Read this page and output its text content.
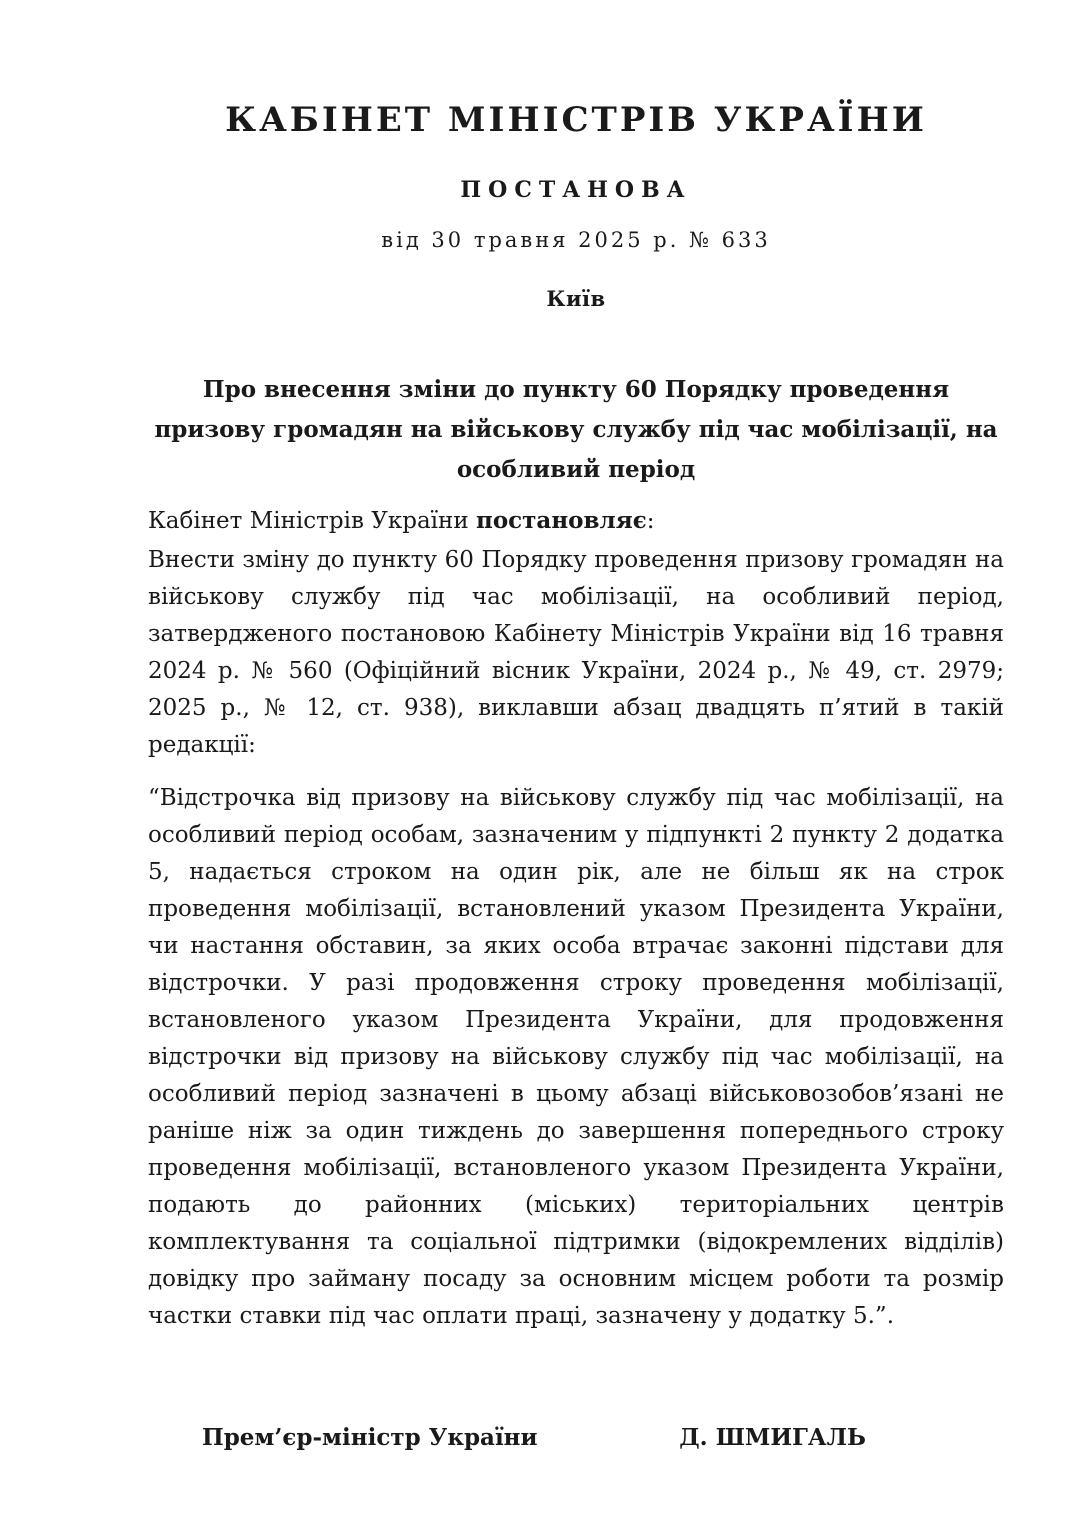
КАБІНЕТ МІНІСТРІВ УКРАЇНИ
ПОСТАНОВА
від 30 травня 2025 р. № 633
Київ
Про внесення зміни до пункту 60 Порядку проведення призову громадян на військову службу під час мобілізації, на особливий період
Кабінет Міністрів України постановляє:
Внести зміну до пункту 60 Порядку проведення призову громадян на військову службу під час мобілізації, на особливий період, затвердженого постановою Кабінету Міністрів України від 16 травня 2024 р. № 560 (Офіційний вісник України, 2024 р., № 49, ст. 2979; 2025 р., № 12, ст. 938), виклавши абзац двадцять п’ятий в такій редакції:
“Відстрочка від призову на військову службу під час мобілізації, на особливий період особам, зазначеним у підпункті 2 пункту 2 додатка 5, надається строком на один рік, але не більш як на строк проведення мобілізації, встановлений указом Президента України, чи настання обставин, за яких особа втрачає законні підстави для відстрочки. У разі продовження строку проведення мобілізації, встановленого указом Президента України, для продовження відстрочки від призову на військову службу під час мобілізації, на особливий період зазначені в цьому абзаці військовозобов’язані не раніше ніж за один тиждень до завершення попереднього строку проведення мобілізації, встановленого указом Президента України, подають до районних (міських) територіальних центрів комплектування та соціальної підтримки (відокремлених відділів) довідку про займану посаду за основним місцем роботи та розмір частки ставки під час оплати праці, зазначену у додатку 5.”.
Прем’єр-міністр України	Д. ШМИГАЛЬ
